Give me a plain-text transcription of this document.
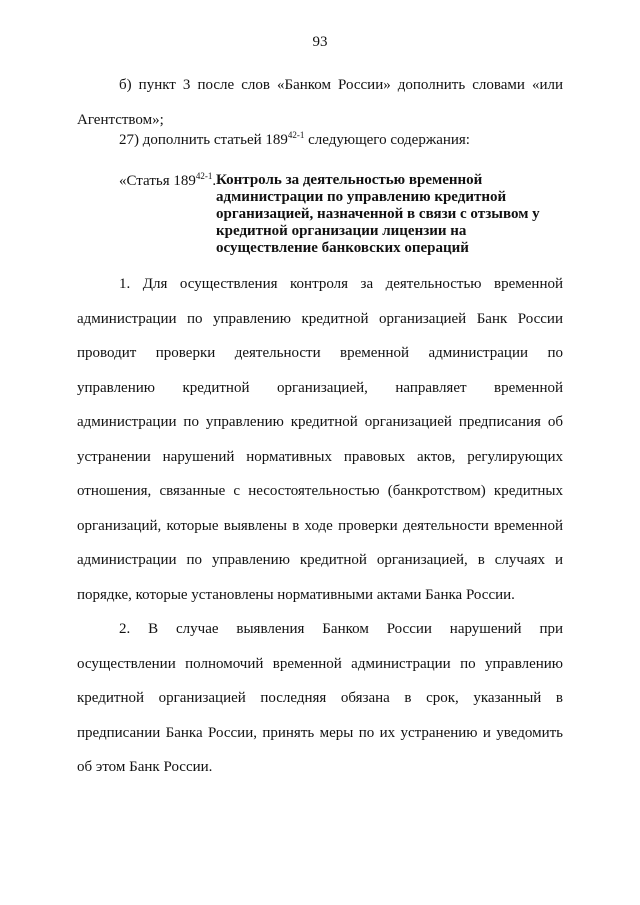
93
б) пункт 3 после слов «Банком России» дополнить словами «или Агентством»;
27) дополнить статьей 189$^{42-1}$ следующего содержания:
«Статья 189$^{42-1}$. Контроль за деятельностью временной администрации по управлению кредитной организацией, назначенной в связи с отзывом у кредитной организации лицензии на осуществление банковских операций
1. Для осуществления контроля за деятельностью временной администрации по управлению кредитной организацией Банк России проводит проверки деятельности временной администрации по управлению кредитной организацией, направляет временной администрации по управлению кредитной организацией предписания об устранении нарушений нормативных правовых актов, регулирующих отношения, связанные с несостоятельностью (банкротством) кредитных организаций, которые выявлены в ходе проверки деятельности временной администрации по управлению кредитной организацией, в случаях и порядке, которые установлены нормативными актами Банка России.
2. В случае выявления Банком России нарушений при осуществлении полномочий временной администрации по управлению кредитной организацией последняя обязана в срок, указанный в предписании Банка России, принять меры по их устранению и уведомить об этом Банк России.
